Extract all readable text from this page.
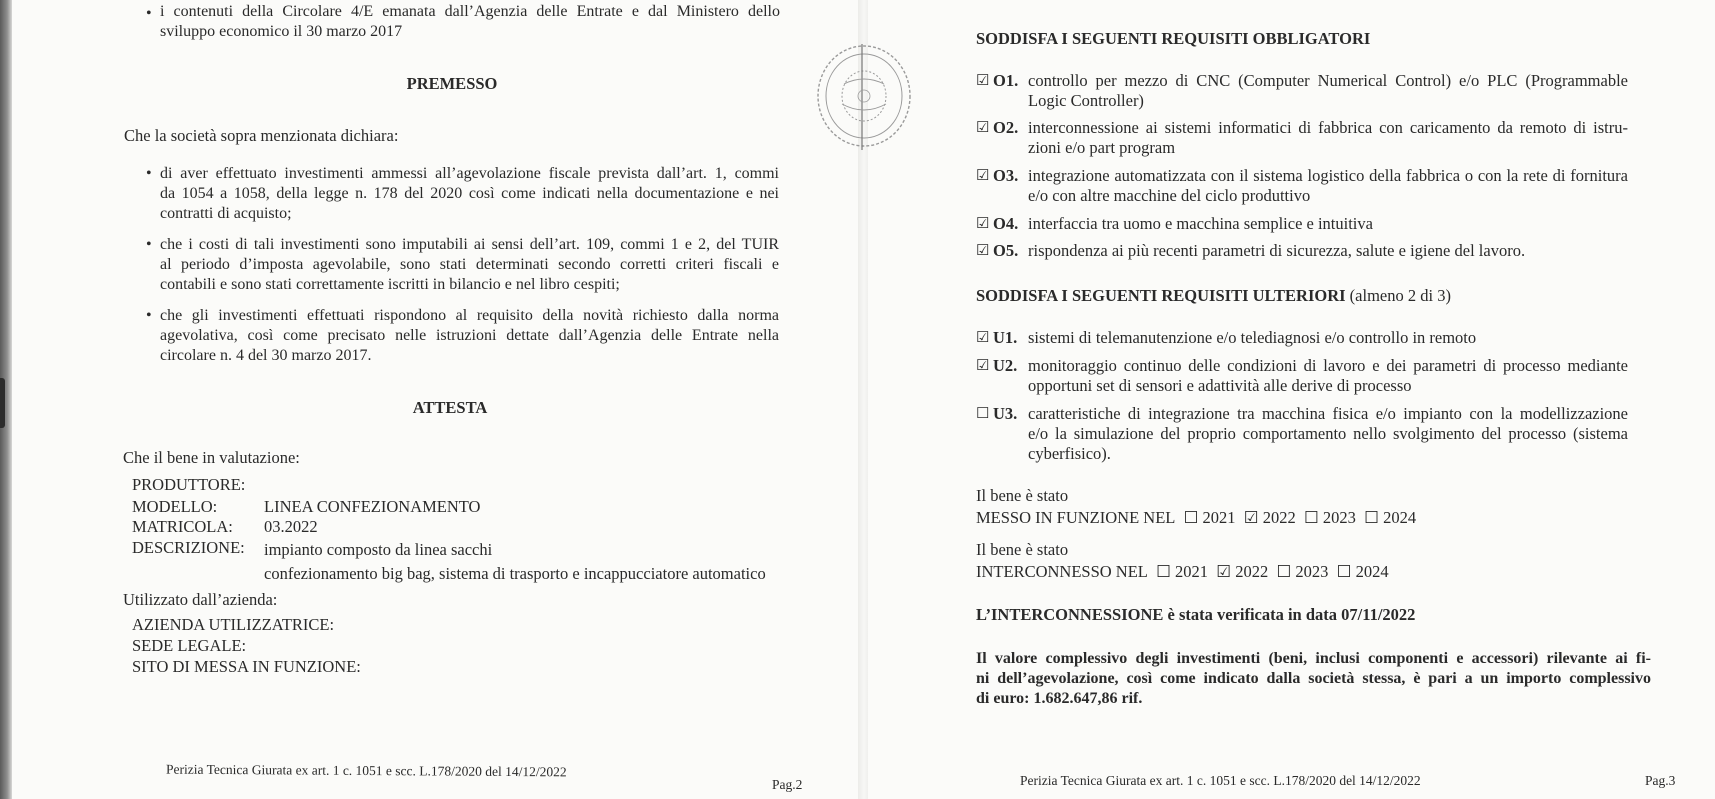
• i contenuti della Circolare 4/E emanata dall’Agenzia delle Entrate e dal Ministero dello

sviluppo economico il 30 marzo 2017

PREMESSO
Che la società sopra menzionata dichiara:
• di aver effettuato investimenti ammessi all’agevolazione fiscale prevista dall’art. 1, commi

da 1054 a 1058, della legge n. 178 del 2020 così come indicati nella documentazione e nei

contratti di acquisto;

• che i costi di tali investimenti sono imputabili ai sensi dell’art. 109, commi 1 e 2, del TUIR

al periodo d’imposta agevolabile, sono stati determinati secondo corretti criteri fiscali e

contabili e sono stati correttamente iscritti in bilancio e nel libro cespiti;

• che gli investimenti effettuati rispondono al requisito della novità richiesto dalla norma

agevolativa, così come precisato nelle istruzioni dettate dall’Agenzia delle Entrate nella

circolare n. 4 del 30 marzo 2017.

ATTESTA
Che il bene in valutazione:
PRODUTTORE:
MODELLO:	LINEA CONFEZIONAMENTO
MATRICOLA: 03.2022
DESCRIZIONE: impianto composto da linea sacchi
confezionamento big bag, sistema di trasporto e incappucciatore automatico
Utilizzato dall’azienda:
AZIENDA UTILIZZATRICE:
SEDE LEGALE:
SITO DI MESSA IN FUNZIONE:
Perizia Tecnica Giurata ex art. 1 c. 1051 e scc. L.178/2020 del 14/12/2022
Pag.2
SODDISFA I SEGUENTI REQUISITI OBBLIGATORI
☑ O1. controllo per mezzo di CNC (Computer Numerical Control) e/o PLC (Programmable

Logic Controller)

☑ O2. interconnessione ai sistemi informatici di fabbrica con caricamento da remoto di istru-

zioni e/o part program

☑ O3. integrazione automatizzata con il sistema logistico della fabbrica o con la rete di fornitura

e/o con altre macchine del ciclo produttivo

☑ O4. interfaccia tra uomo e macchina semplice e intuitiva

☑ O5. rispondenza ai più recenti parametri di sicurezza, salute e igiene del lavoro.

SODDISFA I SEGUENTI REQUISITI ULTERIORI (almeno 2 di 3)
☑ U1. sistemi di telemanutenzione e/o telediagnosi e/o controllo in remoto

☑ U2. monitoraggio continuo delle condizioni di lavoro e dei parametri di processo mediante

opportuni set di sensori e adattività alle derive di processo

☐ U3. caratteristiche di integrazione tra macchina fisica e/o impianto con la modellizzazione

e/o la simulazione del proprio comportamento nello svolgimento del processo (sistema

cyberfisico).

Il bene è stato
MESSO IN FUNZIONE NEL ☐ 2021 ☑ 2022 ☐ 2023 ☐ 2024
Il bene è stato
INTERCONNESSO NEL ☐ 2021 ☑ 2022 ☐ 2023 ☐ 2024
L’INTERCONNESSIONE è stata verificata in data 07/11/2022

Il valore complessivo degli investimenti (beni, inclusi componenti e accessori) rilevante ai fi-

ni dell’agevolazione, così come indicato dalla società stessa, è pari a un importo complessivo

di euro: 1.682.647,86 rif.

Perizia Tecnica Giurata ex art. 1 c. 1051 e scc. L.178/2020 del 14/12/2022	Pag.3
